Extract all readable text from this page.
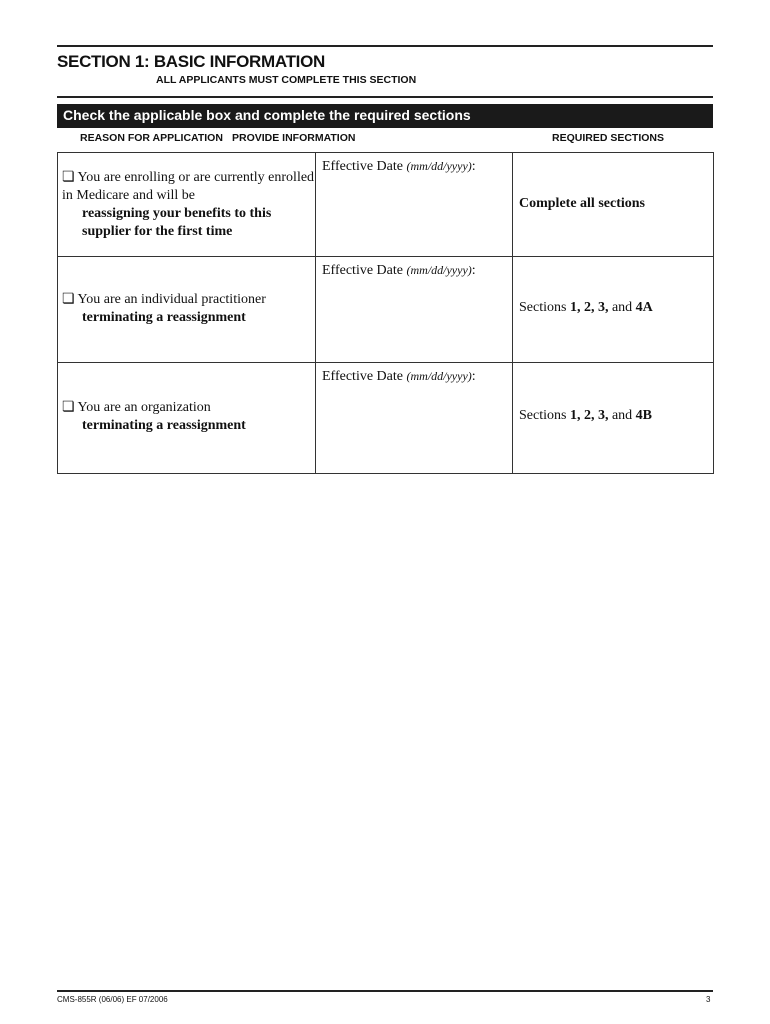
SECTION 1: BASIC INFORMATION
ALL APPLICANTS MUST COMPLETE THIS SECTION
Check the applicable box and complete the required sections
REASON FOR APPLICATION PROVIDE INFORMATION	REQUIRED SECTIONS
❏ You are enrolling or are currently enrolled in Medicare and will be
reassigning your benefits to this supplier for the first time	Effective Date (mm/dd/yyyy):	Complete all sections

❏ You are an individual practitioner
terminating a reassignment	Effective Date (mm/dd/yyyy):	Sections 1, 2, 3, and 4A

❏ You are an organization
terminating a reassignment	Effective Date (mm/dd/yyyy):	Sections 1, 2, 3, and 4B
CMS-855R (06/06) EF 07/2006	3
